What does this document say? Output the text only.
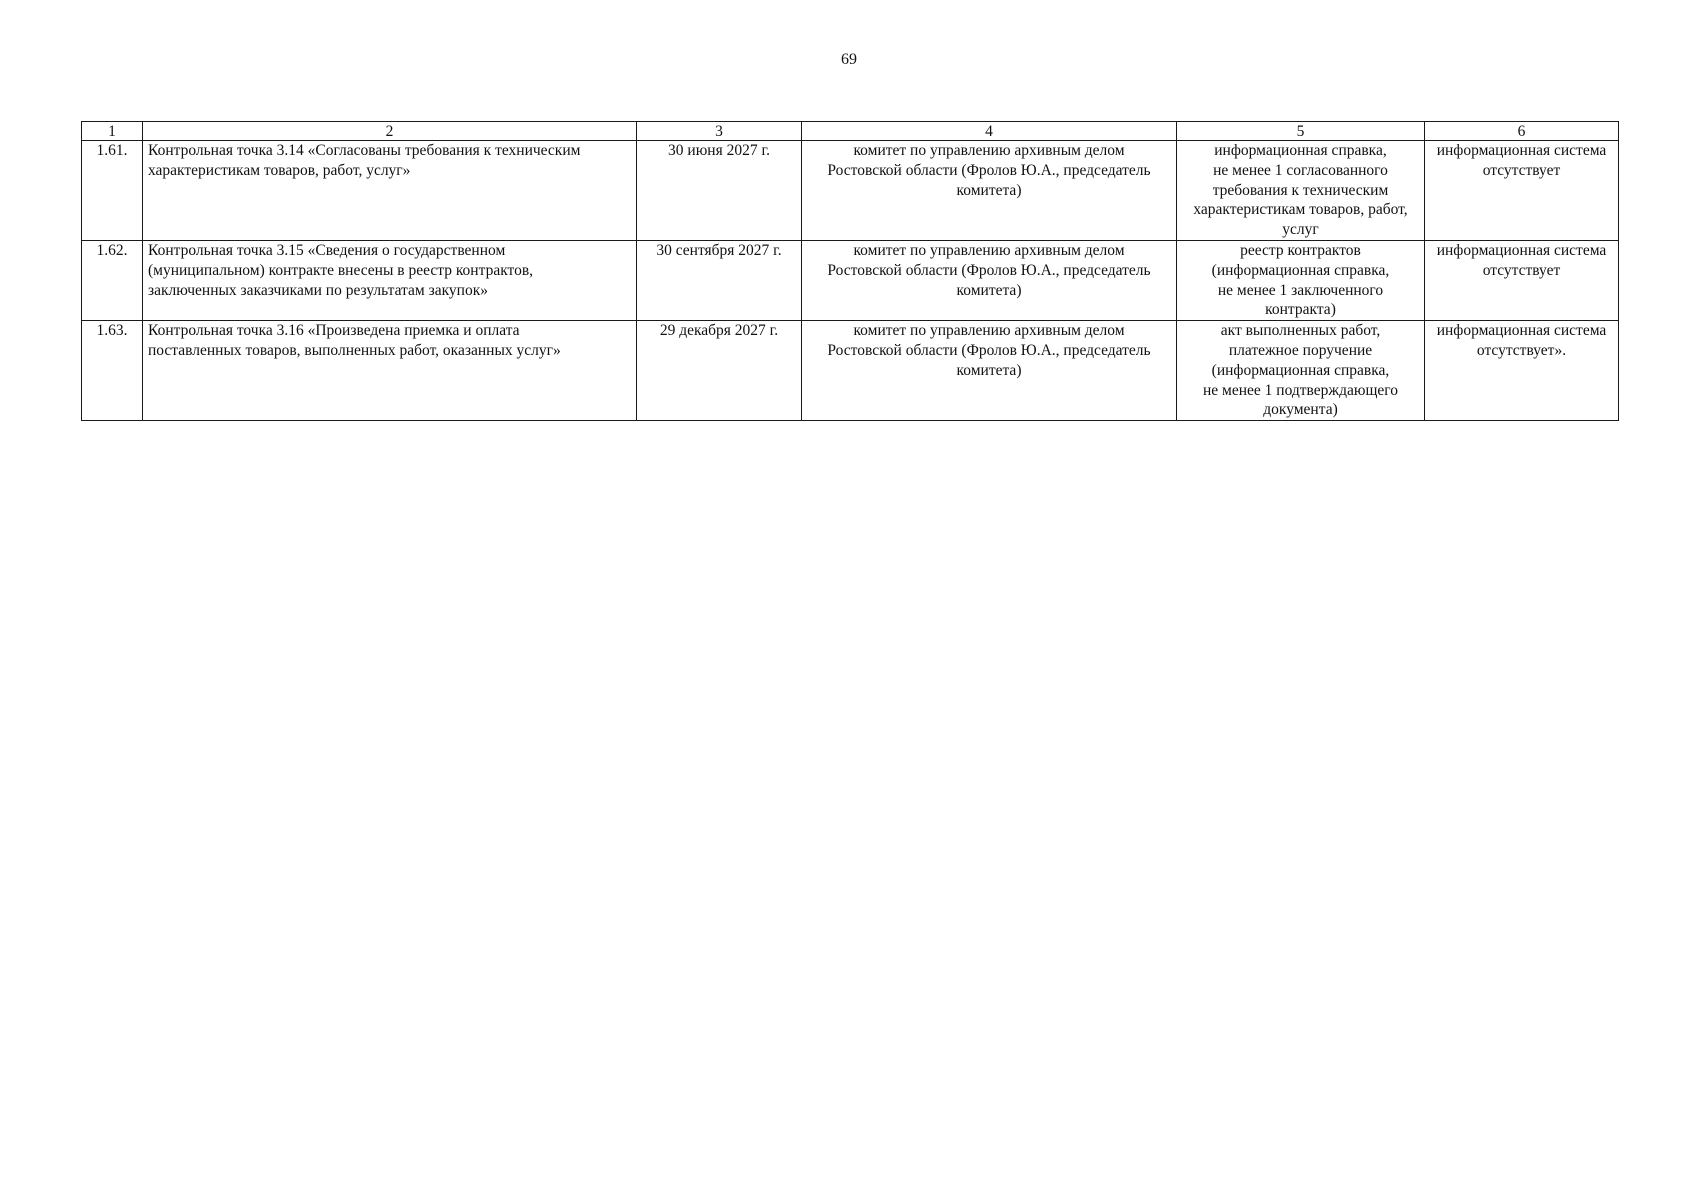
69
1	2	3	4	5	6
1.61.	Контрольная точка 3.14 «Согласованы требования к техническим
характеристикам товаров, работ, услуг»	30 июня 2027 г.	комитет по управлению архивным делом
Ростовской области (Фролов Ю.А., председатель
комитета)	информационная справка,
не менее 1 согласованного
требования к техническим
характеристикам товаров, работ,
услуг	информационная система
отсутствует

1.62.	Контрольная точка 3.15 «Сведения о государственном
(муниципальном) контракте внесены в реестр контрактов,
заключенных заказчиками по результатам закупок»	30 сентября 2027 г.	комитет по управлению архивным делом
Ростовской области (Фролов Ю.А., председатель
комитета)	реестр контрактов
(информационная справка,
не менее 1 заключенного
контракта)	информационная система
отсутствует

1.63.	Контрольная точка 3.16 «Произведена приемка и оплата
поставленных товаров, выполненных работ, оказанных услуг»	29 декабря 2027 г.	комитет по управлению архивным делом
Ростовской области (Фролов Ю.А., председатель
комитета)	акт выполненных работ,
платежное поручение
(информационная справка,
не менее 1 подтверждающего
документа)	информационная система
отсутствует».
